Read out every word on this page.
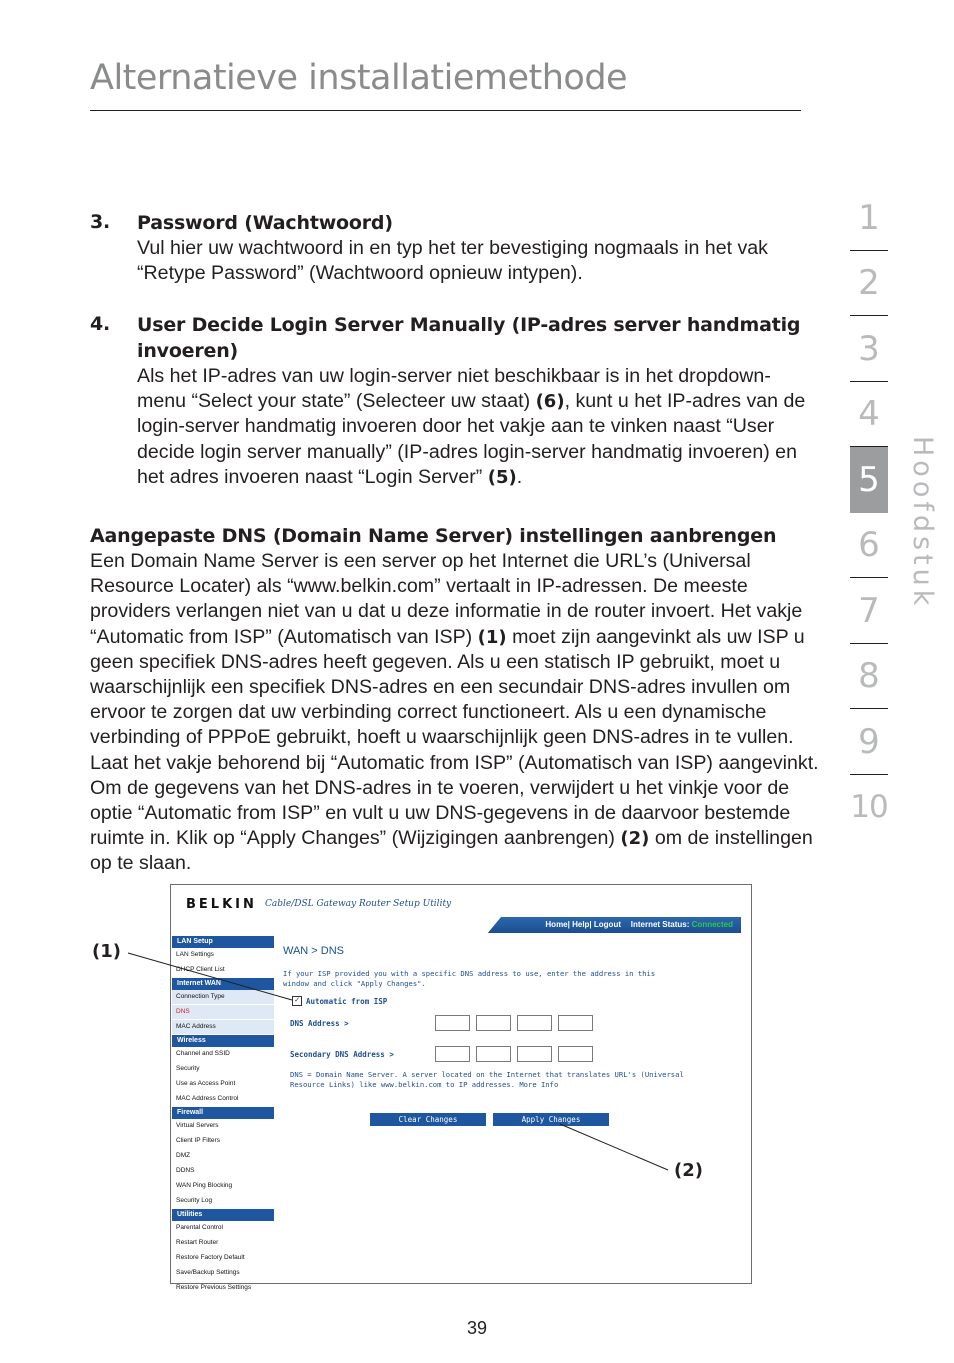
Alternatieve installatiemethode
1
2
3
4
5
6
7
8
9
10
Hoofdstuk
3. Password (Wachtwoord)
Vul hier uw wachtwoord in en typ het ter bevestiging nogmaals in het vak “Retype Password” (Wachtwoord opnieuw intypen).
4. User Decide Login Server Manually (IP-adres server handmatig invoeren)
Als het IP-adres van uw login-server niet beschikbaar is in het dropdown-menu “Select your state” (Selecteer uw staat) (6), kunt u het IP-adres van de login-server handmatig invoeren door het vakje aan te vinken naast “User decide login server manually” (IP-adres login-server handmatig invoeren) en het adres invoeren naast “Login Server” (5).
Aangepaste DNS (Domain Name Server) instellingen aanbrengen
Een Domain Name Server is een server op het Internet die URL’s (Universal Resource Locater) als “www.belkin.com” vertaalt in IP-adressen. De meeste providers verlangen niet van u dat u deze informatie in de router invoert. Het vakje “Automatic from ISP” (Automatisch van ISP) (1) moet zijn aangevinkt als uw ISP u geen specifiek DNS-adres heeft gegeven. Als u een statisch IP gebruikt, moet u waarschijnlijk een specifiek DNS-adres en een secundair DNS-adres invullen om ervoor te zorgen dat uw verbinding correct functioneert. Als u een dynamische verbinding of PPPoE gebruikt, hoeft u waarschijnlijk geen DNS-adres in te vullen. Laat het vakje behorend bij “Automatic from ISP” (Automatisch van ISP) aangevinkt. Om de gegevens van het DNS-adres in te voeren, verwijdert u het vinkje voor de optie “Automatic from ISP” en vult u uw DNS-gegevens in de daarvoor bestemde ruimte in. Klik op “Apply Changes” (Wijzigingen aanbrengen) (2) om de instellingen op te slaan.
BELKIN Cable/DSL Gateway Router Setup Utility
Home| Help| Logout Internet Status: Connected
LAN Setup
LAN Settings
DHCP Client List
Internet WAN
Connection Type
DNS
MAC Address
Wireless
Channel and SSID
Security
Use as Access Point
MAC Address Control
Firewall
Virtual Servers
Client IP Filters
DMZ
DDNS
WAN Ping Blocking
Security Log
Utilities
Parental Control
Restart Router
Restore Factory Default
Save/Backup Settings
Restore Previous Settings
WAN > DNS
If your ISP provided you with a specific DNS address to use, enter the address in this window and click "Apply Changes".
✓ Automatic from ISP
DNS Address >
Secondary DNS Address >
DNS = Domain Name Server. A server located on the Internet that translates URL's (Universal Resource Links) like www.belkin.com to IP addresses. More Info
Clear Changes	Apply Changes
(1)
(2)
39
